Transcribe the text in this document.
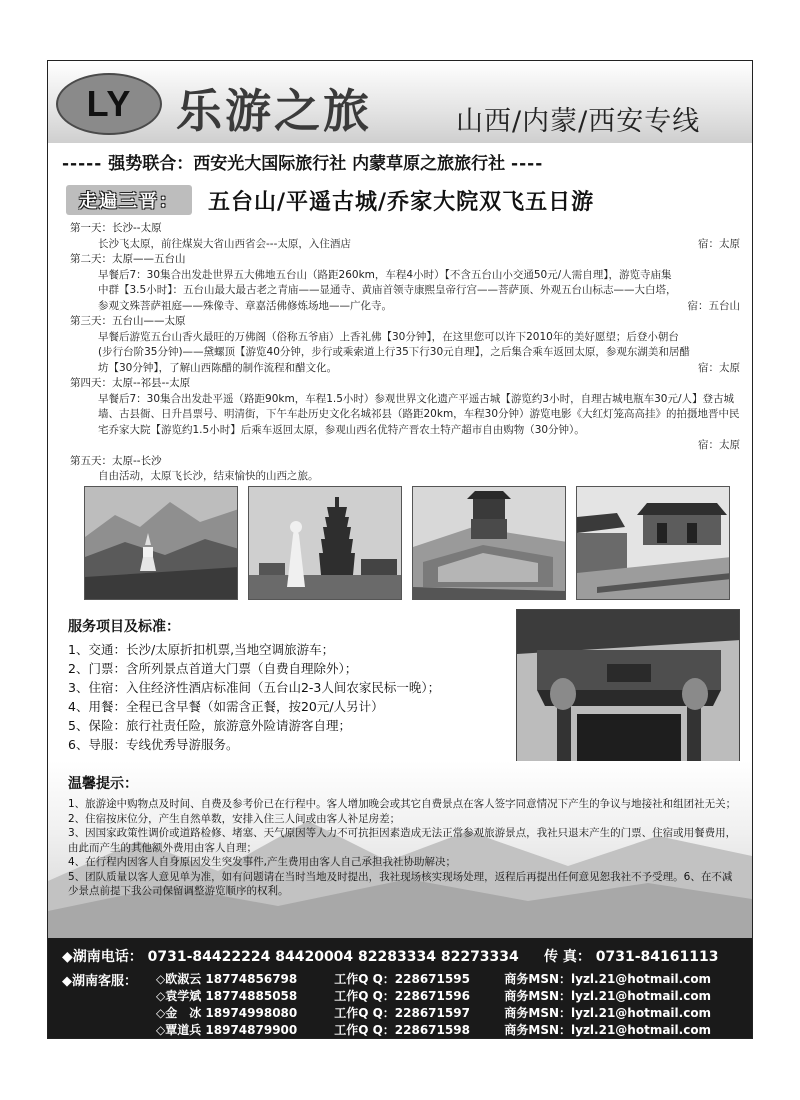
LY 乐游之旅	山西/内蒙/西安专线
----- 强势联合：西安光大国际旅行社 内蒙草原之旅旅行社 ----
走遍三晋：	五台山/平遥古城/乔家大院双飞五日游
第一天：长沙--太原
长沙飞太原，前往煤炭大省山西省会---太原，入住酒店	宿：太原
第二天：太原——五台山
早餐后7：30集合出发赴世界五大佛地五台山（路距260km，车程4小时）【不含五台山小交通50元/人需自理】，游览寺庙集中群【3.5小时】：五台山最大最古老之青庙——显通寺、黄庙首领寺康熙皇帝行宫——菩萨顶、外观五台山标志——大白塔，参观文殊菩萨祖庭——殊像寺、章嘉活佛修炼场地——广化寺。	宿：五台山
第三天：五台山——太原
早餐后游览五台山香火最旺的万佛阁（俗称五爷庙）上香礼佛【30分钟】，在这里您可以许下2010年的美好愿望；后登小朝台(步行台阶35分钟)——黛螺顶【游览40分钟，步行或乘索道上行35下行30元自理】，之后集合乘车返回太原，参观东湖美和居醋坊【30分钟】，了解山西陈醋的制作流程和醋文化。	宿：太原
第四天：太原--祁县--太原
早餐后7：30集合出发赴平遥（路距90km，车程1.5小时）参观世界文化遗产平遥古城【游览约3小时，自理古城电瓶车30元/人】登古城墙、古县衙、日升昌票号、明清街，下午车赴历史文化名城祁县（路距20km，车程30分钟）游览电影《大红灯笼高高挂》的拍摄地晋中民宅乔家大院【游览约1.5小时】后乘车返回太原，参观山西名优特产晋农土特产超市自由购物（30分钟）。
宿：太原
第五天：太原--长沙
自由活动，太原飞长沙，结束愉快的山西之旅。
服务项目及标准：
1、交通：长沙/太原折扣机票,当地空调旅游车；
2、门票：含所列景点首道大门票（自费自理除外）；
3、住宿：入住经济性酒店标准间（五台山2-3人间农家民标一晚）；
4、用餐：全程已含早餐（如需含正餐，按20元/人另计）
5、保险：旅行社责任险，旅游意外险请游客自理；
6、导服：专线优秀导游服务。
温馨提示：
1、旅游途中购物点及时间、自费及参考价已在行程中。客人增加晚会或其它自费景点在客人签字同意情况下产生的争议与地接社和组团社无关；
2、住宿按床位分，产生自然单数，安排入住三人间或由客人补足房差；
3、因国家政策性调价或道路检修、堵塞、天气原因等人力不可抗拒因素造成无法正常参观旅游景点，我社只退末产生的门票、住宿或用餐费用，由此而产生的其他额外费用由客人自理；
4、在行程内因客人自身原因发生突发事件,产生费用由客人自己承担我社协助解决；
5、团队质量以客人意见单为准，如有问题请在当时当地及时提出，我社现场核实现场处理，返程后再提出任何意见恕我社不予受理。6、在不减少景点前提下我公司保留调整游览顺序的权利。
◆湖南电话： 0731-84422224 84420004 82283334 82273334 传 真： 0731-84161113
◆湖南客服： ◇欧淑云 18774856798	工作Q Q：228671595	商务MSN：lyzl.21@hotmail.com
◇袁学斌 18774885058	工作Q Q：228671596	商务MSN：lyzl.21@hotmail.com
◇金　冰 18974998080	工作Q Q：228671597	商务MSN：lyzl.21@hotmail.com
◇覃道兵 18974879900	工作Q Q：228671598	商务MSN：lyzl.21@hotmail.com
